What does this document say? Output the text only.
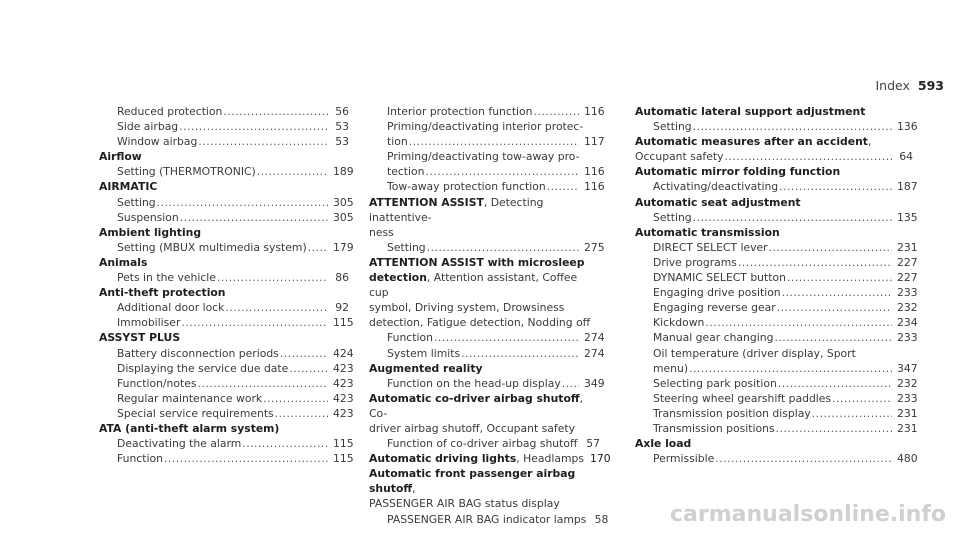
Index 593
Reduced protection .....	56
Side airbag .....	53
Window airbag .....	53
Airflow
Setting (THERMOTRONIC) .....	189
AIRMATIC
Setting .....	305
Suspension .....	305
Ambient lighting
Setting (MBUX multimedia system) .....	179
Animals
Pets in the vehicle .....	86
Anti-theft protection
Additional door lock .....	92
Immobiliser .....	115
ASSYST PLUS
Battery disconnection periods .....	424
Displaying the service due date .....	423
Function/notes .....	423
Regular maintenance work .....	423
Special service requirements .....	423
ATA (anti-theft alarm system)
Deactivating the alarm .....	115
Function .....	115
Interior protection function .....	116
Priming/deactivating interior protec-
tion .....	117
Priming/deactivating tow-away pro-
tection .....	116
Tow-away protection function .....	116
ATTENTION ASSIST, Detecting inattentive-
ness
Setting .....	275
ATTENTION ASSIST with microsleep
detection, Attention assistant, Coffee cup
symbol, Driving system, Drowsiness
detection, Fatigue detection, Nodding off
Function .....	274
System limits .....	274
Augmented reality
Function on the head-up display .....	349
Automatic co-driver airbag shutoff, Co-
driver airbag shutoff, Occupant safety
Function of co-driver airbag shutoff ..... 57
Automatic driving lights, Headlamps 170
Automatic front passenger airbag shutoff,
PASSENGER AIR BAG status display
PASSENGER AIR BAG indicator lamps 58
Automatic lateral support adjustment
Setting .....	136
Automatic measures after an accident,
Occupant safety .....	64
Automatic mirror folding function
Activating/deactivating .....	187
Automatic seat adjustment
Setting .....	135
Automatic transmission
DIRECT SELECT lever .....	231
Drive programs .....	227
DYNAMIC SELECT button .....	227
Engaging drive position .....	233
Engaging reverse gear .....	232
Kickdown .....	234
Manual gear changing .....	233
Oil temperature (driver display, Sport
menu) .....	347
Selecting park position .....	232
Steering wheel gearshift paddles .....	233
Transmission position display .....	231
Transmission positions .....	231
Axle load
Permissible .....	480
carmanualsonline.info
